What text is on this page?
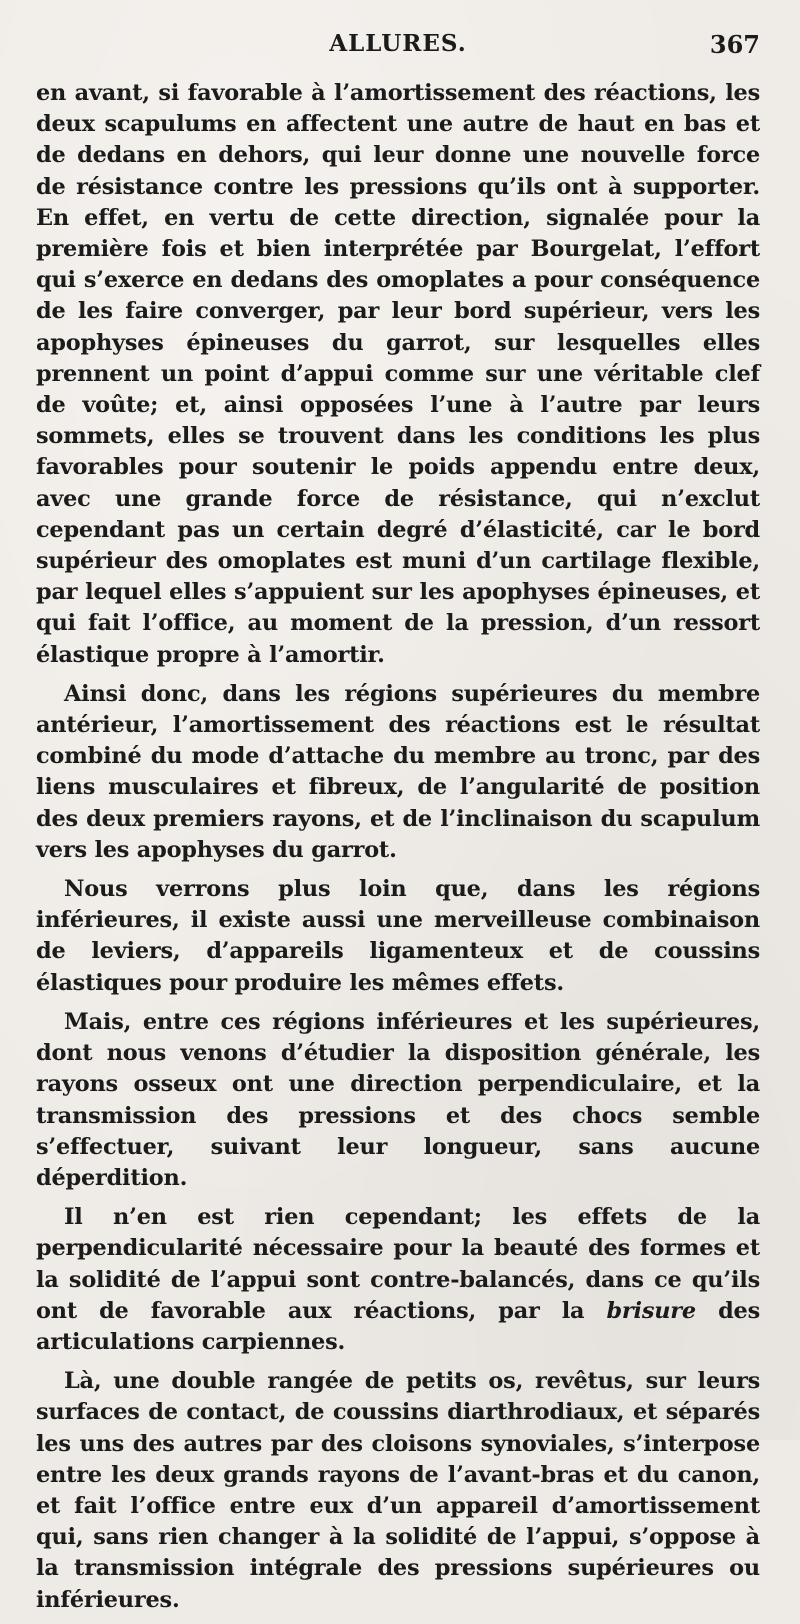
ALLURES.	367

en avant, si favorable à l’amortissement des réactions, les deux scapulums en affectent une autre de haut en bas et de dedans en dehors, qui leur donne une nouvelle force de résistance contre les pressions qu’ils ont à supporter. En effet, en vertu de cette direction, signalée pour la première fois et bien interprétée par Bourgelat, l’effort qui s’exerce en dedans des omoplates a pour conséquence de les faire converger, par leur bord supérieur, vers les apophyses épineuses du garrot, sur lesquelles elles prennent un point d’appui comme sur une véritable clef de voûte; et, ainsi opposées l’une à l’autre par leurs sommets, elles se trouvent dans les conditions les plus favorables pour soutenir le poids appendu entre deux, avec une grande force de résistance, qui n’exclut cependant pas un certain degré d’élasticité, car le bord supérieur des omoplates est muni d’un cartilage flexible, par lequel elles s’appuient sur les apophyses épineuses, et qui fait l’office, au moment de la pression, d’un ressort élastique propre à l’amortir.

Ainsi donc, dans les régions supérieures du membre antérieur, l’amortissement des réactions est le résultat combiné du mode d’attache du membre au tronc, par des liens musculaires et fibreux, de l’angularité de position des deux premiers rayons, et de l’inclinaison du scapulum vers les apophyses du garrot.

Nous verrons plus loin que, dans les régions inférieures, il existe aussi une merveilleuse combinaison de leviers, d’appareils ligamenteux et de coussins élastiques pour produire les mêmes effets.

Mais, entre ces régions inférieures et les supérieures, dont nous venons d’étudier la disposition générale, les rayons osseux ont une direction perpendiculaire, et la transmission des pressions et des chocs semble s’effectuer, suivant leur longueur, sans aucune déperdition.

Il n’en est rien cependant; les effets de la perpendicularité nécessaire pour la beauté des formes et la solidité de l’appui sont contre-balancés, dans ce qu’ils ont de favorable aux réactions, par la brisure des articulations carpiennes.

Là, une double rangée de petits os, revêtus, sur leurs surfaces de contact, de coussins diarthrodiaux, et séparés les uns des autres par des cloisons synoviales, s’interpose entre les deux grands rayons de l’avant-bras et du canon, et fait l’office entre eux d’un appareil d’amortissement qui, sans rien changer à la solidité de l’appui, s’oppose à la transmission intégrale des pressions supérieures ou inférieures.
